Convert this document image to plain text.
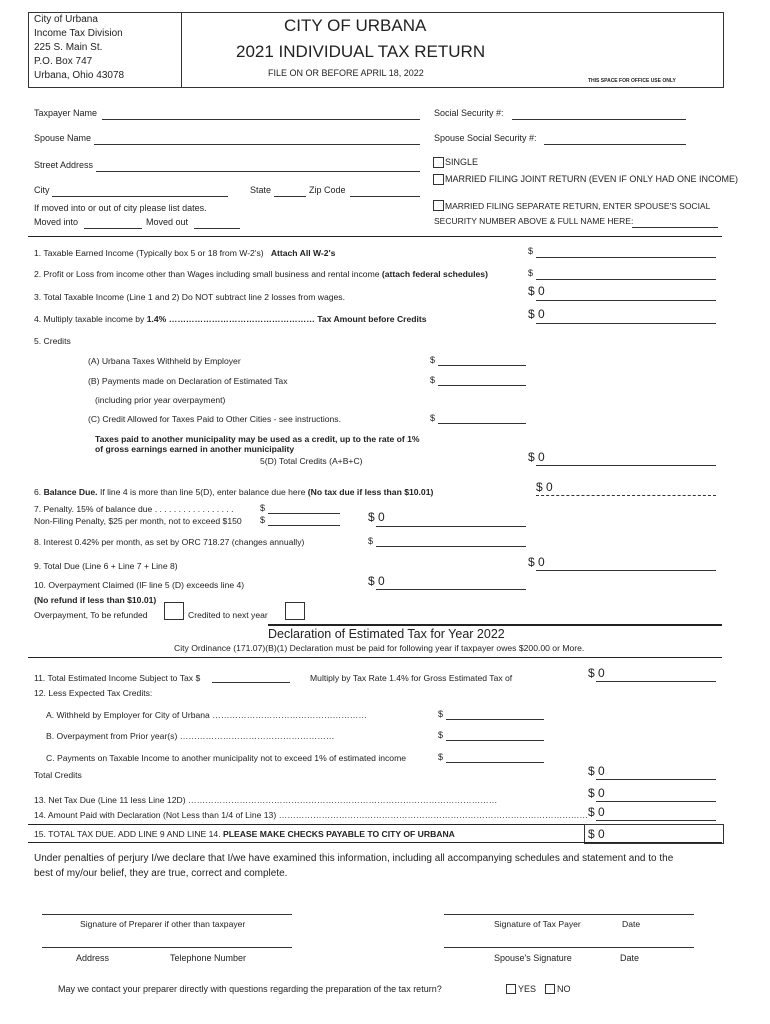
City of Urbana
Income Tax Division
225 S. Main St.
P.O. Box 747
Urbana, Ohio 43078
CITY OF URBANA
2021 INDIVIDUAL TAX RETURN
FILE ON OR BEFORE APRIL 18, 2022
THIS SPACE FOR OFFICE USE ONLY
Taxpayer Name	Social Security #:
Spouse Name	Spouse Social Security #:
Street Address
City	State	Zip Code
If moved into or out of city please list dates.
Moved into	Moved out
SINGLE
MARRIED FILING JOINT RETURN (EVEN IF ONLY HAD ONE INCOME)
MARRIED FILING SEPARATE RETURN, ENTER SPOUSE'S SOCIAL
SECURITY NUMBER ABOVE & FULL NAME HERE:
1. Taxable Earned Income (Typically box 5 or 18 from W-2's) Attach All W-2's	$
2. Profit or Loss from income other than Wages including small business and rental income (attach federal schedules)	$
3. Total Taxable Income (Line 1 and 2) Do NOT subtract line 2 losses from wages.	$ 0
4. Multiply taxable income by 1.4% …………………………………………… Tax Amount before Credits	$ 0
5. Credits
(A) Urbana Taxes Withheld by Employer	$
(B) Payments made on Declaration of Estimated Tax	$
(including prior year overpayment)
(C) Credit Allowed for Taxes Paid to Other Cities - see instructions.	$
Taxes paid to another municipality may be used as a credit, up to the rate of 1%
of gross earnings earned in another municipality
5(D) Total Credits (A+B+C)	$ 0
6. Balance Due. If line 4 is more than line 5(D), enter balance due here (No tax due if less than $10.01)	$ 0
7. Penalty. 15% of balance due . . . . . . . . . . . . . . . . .	$
Non-Filing Penalty, $25 per month, not to exceed $150 $	$ 0
8. Interest 0.42% per month, as set by ORC 718.27 (changes annually)	$
9. Total Due (Line 6 + Line 7 + Line 8)	$ 0
10. Overpayment Claimed (IF line 5 (D) exceeds line 4)	$ 0
(No refund if less than $10.01)
Overpayment, To be refunded	Credited to next year
Declaration of Estimated Tax for Year 2022
City Ordinance (171.07)(B)(1) Declaration must be paid for following year if taxpayer owes $200.00 or More.
11. Total Estimated Income Subject to Tax $	Multiply by Tax Rate 1.4% for Gross Estimated Tax of	$ 0
12. Less Expected Tax Credits:
A. Withheld by Employer for City of Urbana ………………………………………………	$
B. Overpayment from Prior year(s) ………………………………………………	$
C. Payments on Taxable Income to another municipality not to exceed 1% of estimated income	$
Total Credits	$ 0
13. Net Tax Due (Line 11 less Line 12D) ………………………………………………………………………………………………	$ 0
14. Amount Paid with Declaration (Not Less than 1/4 of Line 13) ……………………………………………………………………………………………… $ 0
15. TOTAL TAX DUE. ADD LINE 9 AND LINE 14. PLEASE MAKE CHECKS PAYABLE TO CITY OF URBANA	$ 0
Under penalties of perjury I/we declare that I/we have examined this information, including all accompanying schedules and statement and to the
best of my/our belief, they are true, correct and complete.
Signature of Preparer if other than taxpayer	Signature of Tax Payer	Date
Address	Telephone Number	Spouse's Signature	Date
May we contact your preparer directly with questions regarding the preparation of the tax return?	YES NO
